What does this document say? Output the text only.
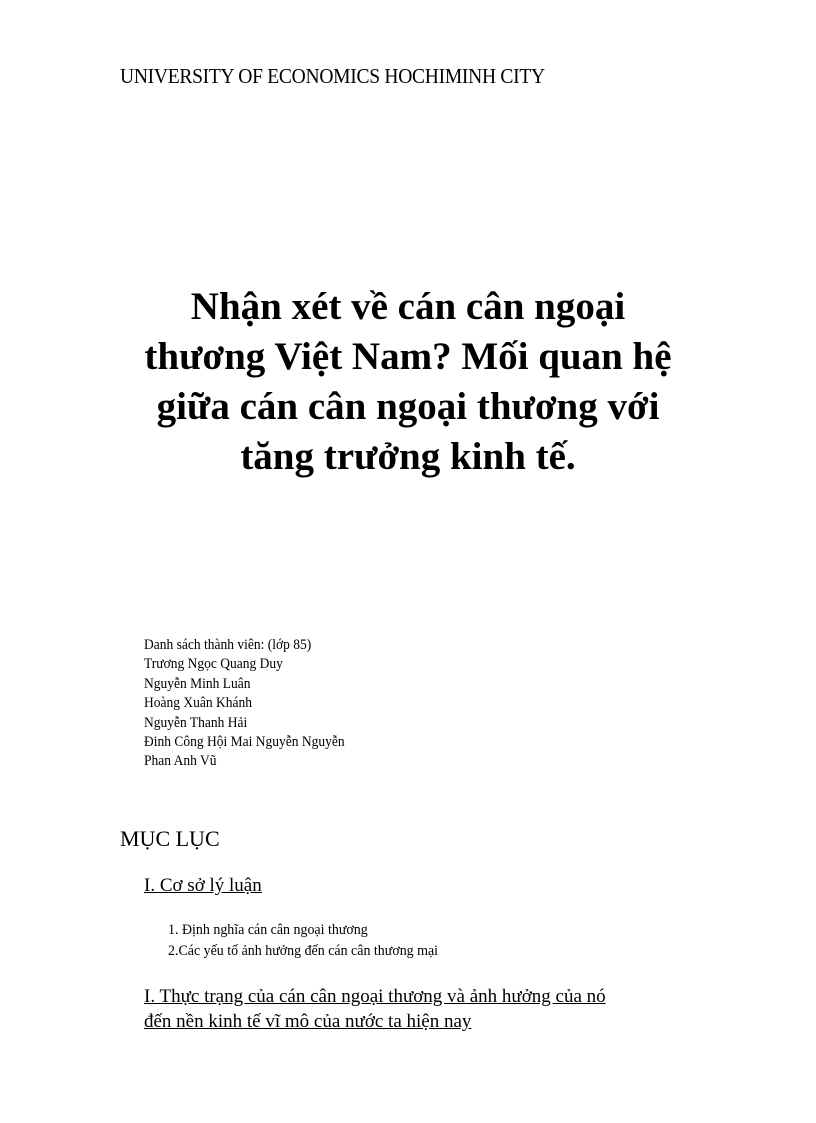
UNIVERSITY OF ECONOMICS HOCHIMINH CITY
Nhận xét về cán cân ngoại
thương Việt Nam? Mối quan hệ
giữa cán cân ngoại thương với
tăng trưởng kinh tế.
Danh sách thành viên: (lớp 85)
Trương Ngọc Quang Duy
Nguyễn Minh Luân
Hoàng Xuân Khánh
Nguyễn Thanh Hải
Đinh Công Hội Mai Nguyễn Nguyễn
Phan Anh Vũ
MỤC LỤC
I. Cơ sở lý luận
1. Định nghĩa cán cân ngoại thương
2.Các yếu tố ảnh hưởng đến cán cân thương mại
I. Thực trạng của cán cân ngoại thương và ảnh hưởng của nó
đến nền kinh tế vĩ mô của nước ta hiện nay
